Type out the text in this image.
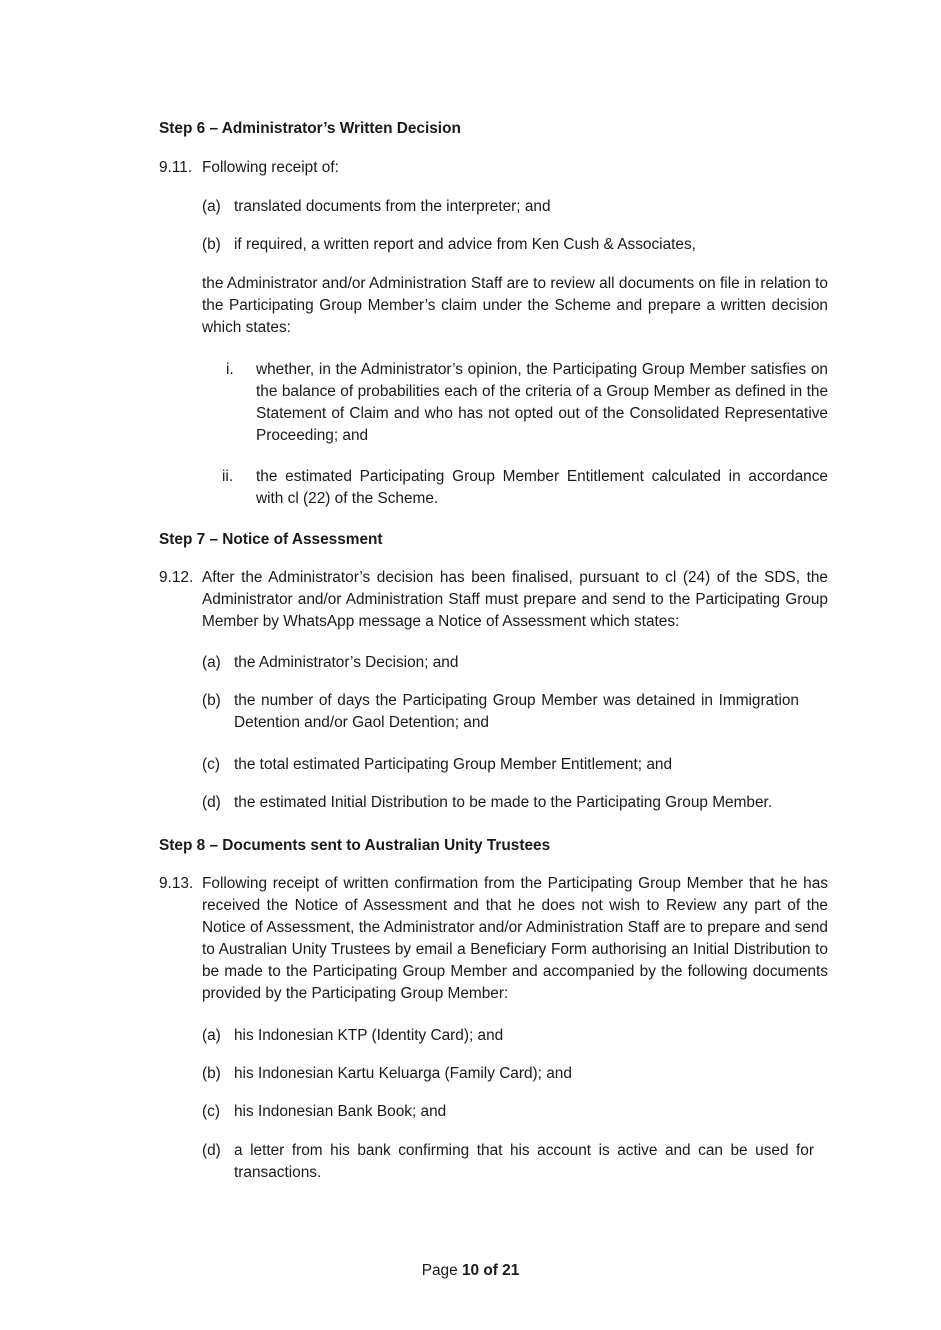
Step 6 – Administrator’s Written Decision
9.11. Following receipt of:
(a) translated documents from the interpreter; and
(b) if required, a written report and advice from Ken Cush & Associates,
the Administrator and/or Administration Staff are to review all documents on file in relation to the Participating Group Member’s claim under the Scheme and prepare a written decision which states:
i. whether, in the Administrator’s opinion, the Participating Group Member satisfies on the balance of probabilities each of the criteria of a Group Member as defined in the Statement of Claim and who has not opted out of the Consolidated Representative Proceeding; and
ii. the estimated Participating Group Member Entitlement calculated in accordance with cl (22) of the Scheme.
Step 7 – Notice of Assessment
9.12. After the Administrator’s decision has been finalised, pursuant to cl (24) of the SDS, the Administrator and/or Administration Staff must prepare and send to the Participating Group Member by WhatsApp message a Notice of Assessment which states:
(a) the Administrator’s Decision; and
(b) the number of days the Participating Group Member was detained in Immigration Detention and/or Gaol Detention; and
(c) the total estimated Participating Group Member Entitlement; and
(d) the estimated Initial Distribution to be made to the Participating Group Member.
Step 8 – Documents sent to Australian Unity Trustees
9.13. Following receipt of written confirmation from the Participating Group Member that he has received the Notice of Assessment and that he does not wish to Review any part of the Notice of Assessment, the Administrator and/or Administration Staff are to prepare and send to Australian Unity Trustees by email a Beneficiary Form authorising an Initial Distribution to be made to the Participating Group Member and accompanied by the following documents provided by the Participating Group Member:
(a) his Indonesian KTP (Identity Card); and
(b) his Indonesian Kartu Keluarga (Family Card); and
(c) his Indonesian Bank Book; and
(d) a letter from his bank confirming that his account is active and can be used for transactions.
Page 10 of 21
